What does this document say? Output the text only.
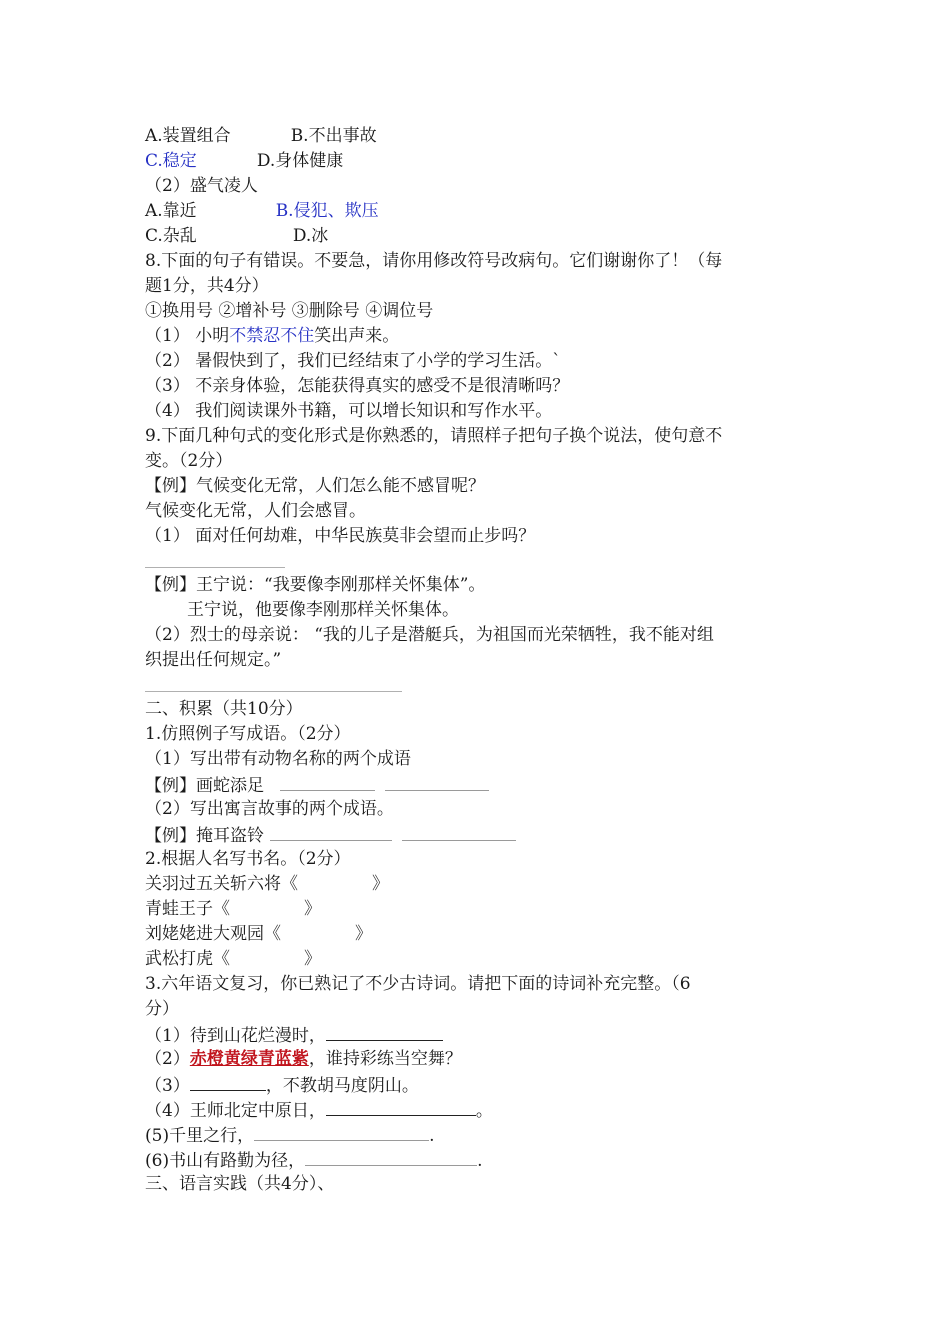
A.装置组合	B.不出事故
C.稳定	D.身体健康
（2）盛气凌人
A.靠近	B.侵犯、欺压
C.杂乱	D.冰
8.下面的句子有错误。不要急，请你用修改符号改病句。它们谢谢你了！（每
题1分，共4分）
①换用号 ②增补号 ③删除号 ④调位号
（1） 小明不禁忍不住笑出声来。
（2） 暑假快到了，我们已经结束了小学的学习生活。`
（3） 不亲身体验，怎能获得真实的感受不是很清晰吗？
（4） 我们阅读课外书籍，可以增长知识和写作水平。
9.下面几种句式的变化形式是你熟悉的，请照样子把句子换个说法，使句意不
变。（2分）
【例】气候变化无常，人们怎么能不感冒呢？
气候变化无常，人们会感冒。
（1） 面对任何劫难，中华民族莫非会望而止步吗？
【例】王宁说：“我要像李刚那样关怀集体”。
王宁说，他要像李刚那样关怀集体。
（2）烈士的母亲说： “我的儿子是潜艇兵，为祖国而光荣牺牲，我不能对组
织提出任何规定。”
二、积累（共10分）
1.仿照例子写成语。（2分）
（1）写出带有动物名称的两个成语
【例】画蛇添足
（2）写出寓言故事的两个成语。
【例】掩耳盗铃
2.根据人名写书名。（2分）
关羽过五关斩六将《	》
青蛙王子《	》
刘姥姥进大观园《	》
武松打虎《	》
3.六年语文复习，你已熟记了不少古诗词。请把下面的诗词补充完整。（6
分）
（1）待到山花烂漫时，
（2）赤橙黄绿青蓝紫，谁持彩练当空舞？
（3）	，不教胡马度阴山。
（4）王师北定中原日，	。
(5)千里之行，	.
(6)书山有路勤为径，	.
三、语言实践（共4分）、
